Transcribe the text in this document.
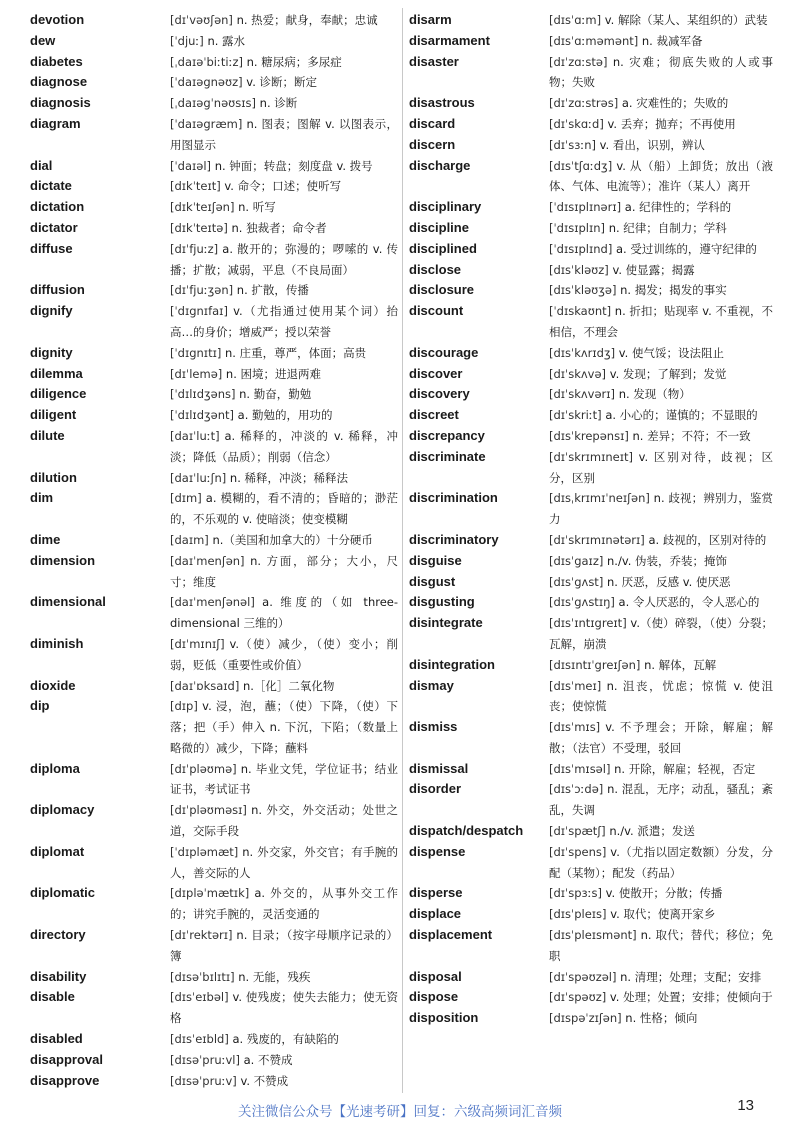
devotion	[dɪˈvəʊʃən] n. 热爱；献身，奉献；忠诚
dew	[ˈdjuː] n. 露水
diabetes	[ˌdaɪəˈbiːtiːz] n. 糖尿病；多尿症
diagnose	[ˈdaɪəgnəʊz] v. 诊断；断定
diagnosis	[ˌdaɪəgˈnəʊsɪs] n. 诊断
diagram	[ˈdaɪəgræm] n. 图表；图解 v. 以图表示，用图显示
dial	[ˈdaɪəl] n. 钟面；转盘；刻度盘 v. 拨号
dictate	[dɪkˈteɪt] v. 命令；口述；使听写
dictation	[dɪkˈteɪʃən] n. 听写
dictator	[dɪkˈteɪtə] n. 独裁者；命令者
diffuse	[dɪˈfjuːz] a. 散开的；弥漫的；啰嗦的 v. 传播；扩散；减弱，平息（不良局面）
diffusion	[dɪˈfjuːʒən] n. 扩散，传播
dignify	[ˈdɪgnɪfaɪ] v.（尤指通过使用某个词）抬高…的身价；增威严；授以荣誉
dignity	[ˈdɪgnɪtɪ] n. 庄重，尊严，体面；高贵
dilemma	[dɪˈlemə] n. 困境；进退两难
diligence	[ˈdɪlɪdʒəns] n. 勤奋，勤勉
diligent	[ˈdɪlɪdʒənt] a. 勤勉的，用功的
dilute	[daɪˈluːt] a. 稀释的，冲淡的 v. 稀释，冲淡；降低（品质）；削弱（信念）
dilution	[daɪˈluːʃn] n. 稀释，冲淡；稀释法
dim	[dɪm] a. 模糊的，看不清的；昏暗的；渺茫的，不乐观的 v. 使暗淡；使变模糊
dime	[daɪm] n.（美国和加拿大的）十分硬币
dimension	[daɪˈmenʃən] n. 方面，部分；大小，尺寸；维度
dimensional	[daɪˈmenʃənəl] a. 维度的（如 three-dimensional 三维的）
diminish	[dɪˈmɪnɪʃ] v.（使）减少，（使）变小；削弱，贬低（重要性或价值）
dioxide	[daɪˈɒksaɪd] n.［化］二氧化物
dip	[dɪp] v. 浸，泡，蘸；（使）下降，（使）下落；把（手）伸入 n. 下沉，下陷；（数量上略微的）减少，下降；蘸料
diploma	[dɪˈpləʊmə] n. 毕业文凭，学位证书；结业证书，考试证书
diplomacy	[dɪˈpləʊməsɪ] n. 外交，外交活动；处世之道，交际手段
diplomat	[ˈdɪpləmæt] n. 外交家，外交官；有手腕的人，善交际的人
diplomatic	[dɪpləˈmætɪk] a. 外交的，从事外交工作的；讲究手腕的，灵活变通的
directory	[dɪˈrektərɪ] n. 目录；（按字母顺序记录的）簿
disability	[dɪsəˈbɪlɪtɪ] n. 无能，残疾
disable	[dɪsˈeɪbəl] v. 使残废；使失去能力；使无资格
disabled	[dɪsˈeɪbld] a. 残废的，有缺陷的
disapproval	[dɪsəˈpruːvl] a. 不赞成
disapprove	[dɪsəˈpruːv] v. 不赞成
disarm	[dɪsˈɑːm] v. 解除（某人、某组织的）武装
disarmament	[dɪsˈɑːməmənt] n. 裁减军备
disaster	[dɪˈzɑːstə] n. 灾难；彻底失败的人或事物；失败
disastrous	[dɪˈzɑːstrəs] a. 灾难性的；失败的
discard	[dɪˈskɑːd] v. 丢弃；抛弃；不再使用
discern	[dɪˈsɜːn] v. 看出，识别，辨认
discharge	[dɪsˈtʃɑːdʒ] v. 从（船）上卸货；放出（液体、气体、电流等）；准许（某人）离开
disciplinary	[ˈdɪsɪplɪnərɪ] a. 纪律性的；学科的
discipline	[ˈdɪsɪplɪn] n. 纪律；自制力；学科
disciplined	[ˈdɪsɪplɪnd] a. 受过训练的，遵守纪律的
disclose	[dɪsˈkləʊz] v. 使显露；揭露
disclosure	[dɪsˈkləʊʒə] n. 揭发；揭发的事实
discount	[ˈdɪskaʊnt] n. 折扣；贴现率 v. 不重视，不相信，不理会
discourage	[dɪsˈkʌrɪdʒ] v. 使气馁；设法阻止
discover	[dɪˈskʌvə] v. 发现；了解到；发觉
discovery	[dɪˈskʌvərɪ] n. 发现（物）
discreet	[dɪˈskriːt] a. 小心的；谨慎的；不显眼的
discrepancy	[dɪsˈkrepənsɪ] n. 差异；不符；不一致
discriminate	[dɪˈskrɪmɪneɪt] v. 区别对待，歧视；区分，区别
discrimination	[dɪsˌkrɪmɪˈneɪʃən] n. 歧视；辨别力，鉴赏力
discriminatory	[dɪˈskrɪmɪnətərɪ] a. 歧视的，区别对待的
disguise	[dɪsˈgaɪz] n./v. 伪装，乔装；掩饰
disgust	[dɪsˈgʌst] n. 厌恶，反感 v. 使厌恶
disgusting	[dɪsˈgʌstɪŋ] a. 令人厌恶的，令人恶心的
disintegrate	[dɪsˈɪntɪgreɪt] v.（使）碎裂，（使）分裂；瓦解，崩溃
disintegration	[dɪsɪntɪˈgreɪʃən] n. 解体，瓦解
dismay	[dɪsˈmeɪ] n. 沮丧，忧虑；惊慌 v. 使沮丧；使惊慌
dismiss	[dɪsˈmɪs] v. 不予理会；开除，解雇；解散；（法官）不受理，驳回
dismissal	[dɪsˈmɪsəl] n. 开除，解雇；轻视，否定
disorder	[dɪsˈɔːdə] n. 混乱，无序；动乱，骚乱；紊乱，失调
dispatch/despatch	[dɪˈspætʃ] n./v. 派遣；发送
dispense	[dɪˈspens] v.（尤指以固定数额）分发，分配（某物）；配发（药品）
disperse	[dɪˈspɜːs] v. 使散开；分散；传播
displace	[dɪsˈpleɪs] v. 取代；使离开家乡
displacement	[dɪsˈpleɪsmənt] n. 取代；替代；移位；免职
disposal	[dɪˈspəʊzəl] n. 清理；处理；支配；安排
dispose	[dɪˈspəʊz] v. 处理；处置；安排；使倾向于
disposition	[dɪspəˈzɪʃən] n. 性格；倾向
关注微信公众号【光速考研】回复：六级高频词汇音频	13
